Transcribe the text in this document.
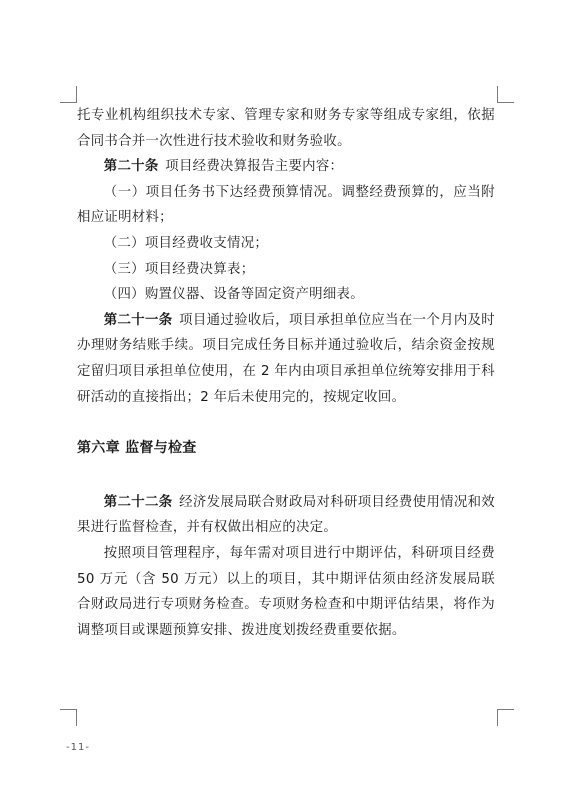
托专业机构组织技术专家、管理专家和财务专家等组成专家组，依据合同书合并一次性进行技术验收和财务验收。

第二十条 项目经费决算报告主要内容：

（一）项目任务书下达经费预算情况。调整经费预算的，应当附相应证明材料；

（二）项目经费收支情况；

（三）项目经费决算表；

（四）购置仪器、设备等固定资产明细表。

第二十一条 项目通过验收后，项目承担单位应当在一个月内及时办理财务结账手续。项目完成任务目标并通过验收后，结余资金按规定留归项目承担单位使用，在 2 年内由项目承担单位统筹安排用于科研活动的直接指出；2 年后未使用完的，按规定收回。

第六章 监督与检查

第二十二条 经济发展局联合财政局对科研项目经费使用情况和效果进行监督检查，并有权做出相应的决定。

按照项目管理程序，每年需对项目进行中期评估，科研项目经费 50 万元（含 50 万元）以上的项目，其中期评估须由经济发展局联合财政局进行专项财务检查。专项财务检查和中期评估结果，将作为调整项目或课题预算安排、拨进度划拨经费重要依据。

-11-
